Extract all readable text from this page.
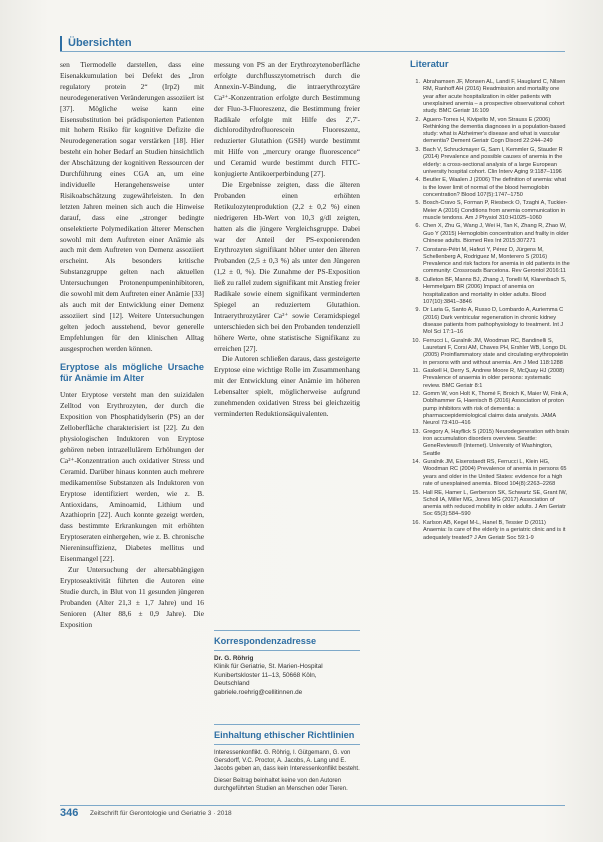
Übersichten

sen Tiermodelle darstellen, dass eine Eisenakkumulation bei Defekt des „Iron regulatory protein 2“ (Irp2) mit neurodegenerativen Veränderungen assoziiert ist [37]. Mögliche weise kann eine Eisensubstitution bei prädisponierten Patienten mit hohem Risiko für kognitive Defizite die Neurodegeneration sogar verstärken [18]. Hier besteht ein hoher Bedarf an Studien hinsichtlich der Abschätzung der kognitiven Ressourcen der Durchführung eines CGA an, um eine individuelle Herangehensweise unter Risikoabschätzung zugewährleisten. In den letzten Jahren meinen sich auch die Hinweise darauf, dass eine „stronger bedingte onselektierte Polymedikation älterer Menschen sowohl mit dem Auftreten einer Anämie als auch mit dem Auftreten von Demenz assoziiert erscheint. Als besonders kritische Substanzgruppe gelten nach aktuellen Untersuchungen Protonenpumpeninhibitoren, die sowohl mit dem Auftreten einer Anämie [33] als auch mit der Entwicklung einer Demenz assoziiert sind [12]. Weitere Untersuchungen gelten jedoch ausstehend, bevor generelle Empfehlungen für den klinischen Alltag ausgesprochen werden können.

Eryptose als mögliche Ursache für Anämie im Alter

Unter Eryptose versteht man den suizidalen Zelltod von Erythrozyten, der durch die Exposition von Phosphatidylserin (PS) an der Zelloberfläche charakterisiert ist [22]. Zu den physiologischen Induktoren von Eryptose gehören neben intrazellulärem Erhöhungen der Ca²⁺-Konzentration auch oxidativer Stress und Ceramid. Darüber hinaus konnten auch mehrere medikamentöse Substanzen als Induktoren von Eryptose identifiziert werden, wie z. B. Antioxidans, Aminoamid, Lithium und Azathioprin [22]. Auch konnte gezeigt werden, dass bestimmte Erkrankungen mit erhöhten Eryptoseraten einhergehen, wie z. B. chronische Niereninsuffizienz, Diabetes mellitus und Eisenmangel [22].

Zur Untersuchung der altersabhängigen Eryptoseaktivität führten die Autoren eine Studie durch, in Blut von 11 gesunden jüngeren Probanden (Alter 21,3 ± 1,7 Jahre) und 16 Senioren (Alter 88,6 ± 0,9 Jahre). Die Exposition

messung von PS an der Erythrozytenoberfläche erfolgte durchflusszytometrisch durch die Annexin-V-Bindung, die intraerythrozytäre Ca²⁺-Konzentration erfolgte durch Bestimmung der Fluo-3-Fluoreszenz, die Bestimmung freier Radikale erfolgte mit Hilfe des 2',7'-dichlorodihydrofluorescein Fluoreszenz, reduzierter Glutathion (GSH) wurde bestimmt mit Hilfe von „mercury orange fluorescence“ und Ceramid wurde bestimmt durch FITC-konjugierte Antikoerperbindung [27].

Die Ergebnisse zeigten, dass die älteren Probanden einen erhöhten Retikulozytenproduktion (2,2 ± 0,2 %) einen niedrigeren Hb-Wert von 10,3 g/dl zeigten, hatten als die jüngere Vergleichsgruppe. Dabei war der Anteil der PS-exponierenden Erythrozyten signifikant höher unter den älteren Probanden (2,5 ± 0,3 %) als unter den Jüngeren (1,2 ± 0, %). Die Zunahme der PS-Exposition ließ zu rallel zudem signifikant mit Anstieg freier Radikale sowie einem signifikant verminderten Spiegel an reduziertem Glutathion. Intraerythrozytärer Ca²⁺ sowie Ceramidspiegel unterschieden sich bei den Probanden tendenziell höhere Werte, ohne statistische Signifikanz zu erreichen [27].

Die Autoren schließen daraus, dass gesteigerte Eryptose eine wichtige Rolle im Zusammenhang mit der Entwicklung einer Anämie im höheren Lebensalter spielt, möglicherweise aufgrund zunehmenden oxidativen Stress bei gleichzeitig verminderten Reduktionsäquivalenten.

Korrespondenzadresse
Dr. G. Röhrig
Klinik für Geriatrie, St. Marien-Hospital
Kunibertskloster 11–13, 50668 Köln,
Deutschland
gabriele.roehrig@cellitinnen.de
Einhaltung ethischer Richtlinien

Interessenkonflikt. G. Röhrig, I. Gütgemann, G. von Gersdorff, V.C. Proctor, A. Jacobs, A. Lang und E. Jacobs geben an, dass kein Interessenkonflikt besteht.

Dieser Beitrag beinhaltet keine von den Autoren durchgeführten Studien an Menschen oder Tieren.

Literatur
1. Abrahamsen JF, Monsen AL, Landi F, Haugland C, Nilsen RM, Ranhoff AH (2016) Readmission and mortality one year after acute hospitalization in older patients with unexplained anemia – a prospective observational cohort study. BMC Geriatr 16:109
2. Aguero-Torres H, Kivipelto M, von Strauss E (2006) Rethinking the dementia diagnoses in a population-based study: what is Alzheimer's disease and what is vascular dementia? Dement Geriatr Cogn Disord 22:244–249
3. Bach V, Schruckmayer G, Sam I, Kemmler G, Stauder R (2014) Prevalence and possible causes of anemia in the elderly: a cross-sectional analysis of a large European university hospital cohort. Clin Interv Aging 9:1187–1196
4. Beutler E, Waalen J (2006) The definition of anemia: what is the lower limit of normal of the blood hemoglobin concentration? Blood 107(5):1747–1750
5. Bosch-Cravo S, Forman P, Riesbeck O, Tzaghi A, Tuckier-Meier A (2016) Conditions from anemia communication in muscle tendons. Am J Physiol 310:H1025–1060
6. Chen X, Zhu G, Wang J, Wei H, Tan K, Zhang R, Zhao W, Guo Y (2015) Hemoglobin concentration and frailty in older Chinese adults. Biomed Res Int 2015:307271
7. Constans-Pétri M, Hafezi Y, Pérez D, Jürgens M, Schellenberg A, Rodriguez M, Monterero S (2016) Prevalence and risk factors for anemia in old patients in the community: Crossroads Barcelona. Rev Gerontol 2016:11
8. Culleton BF, Manns BJ, Zhang J, Tonelli M, Klarenbach S, Hemmelgarn BR (2006) Impact of anemia on hospitalization and mortality in older adults. Blood 107(10):3841–3846
9. Dr Laria G, Santo A, Russo D, Lombardo A, Auriemma C (2016) Dark ventricular regeneration in chronic kidney disease patients from pathophysiology to treatment. Int J Mol Sci 17:1–16
10. Ferrucci L, Guralnik JM, Woodman RC, Bandinelli S, Lauretani F, Corsi AM, Chaves PH, Ershler WB, Longo DL (2005) Proinflammatory state and circulating erythropoietin in persons with and without anemia. Am J Med 118:1288
11. Gaskell H, Derry S, Andrew Moore R, McQuay HJ (2008) Prevalence of anaemia in older persons: systematic review. BMC Geriatr 8:1
12. Gomm W, von Holt K, Thomé F, Broich K, Maier W, Fink A, Doblhammer G, Haenisch B (2016) Association of proton pump inhibitors with risk of dementia: a pharmacoepidemiological claims data analysis. JAMA Neurol 73:410–416
13. Gregory A, Hayflick S (2015) Neurodegeneration with brain iron accumulation disorders overview. Seattle: GeneReviews® (Internet). University of Washington, Seattle
14. Guralnik JM, Eisenstaedt RS, Ferrucci L, Klein HG, Woodman RC (2004) Prevalence of anemia in persons 65 years and older in the United States: evidence for a high rate of unexplained anemia. Blood 104(8):2263–2268
15. Hall RE, Hamer L, Gerberson SK, Schwartz SE, Grant IW, Scholl IA, Miller MG, Jones MG (2017) Association of anemia with reduced mobility in older adults. J Am Geriatr Soc 65(3):584–590
16. Karlson AB, Kegel M-L, Hanel B, Tessier D (2011) Anaemia: Is care of the elderly in a geriatric clinic and is it adequately treated? J Am Geriatr Soc 59:1-9
346 Zeitschrift für Gerontologie und Geriatrie 3 · 2018
